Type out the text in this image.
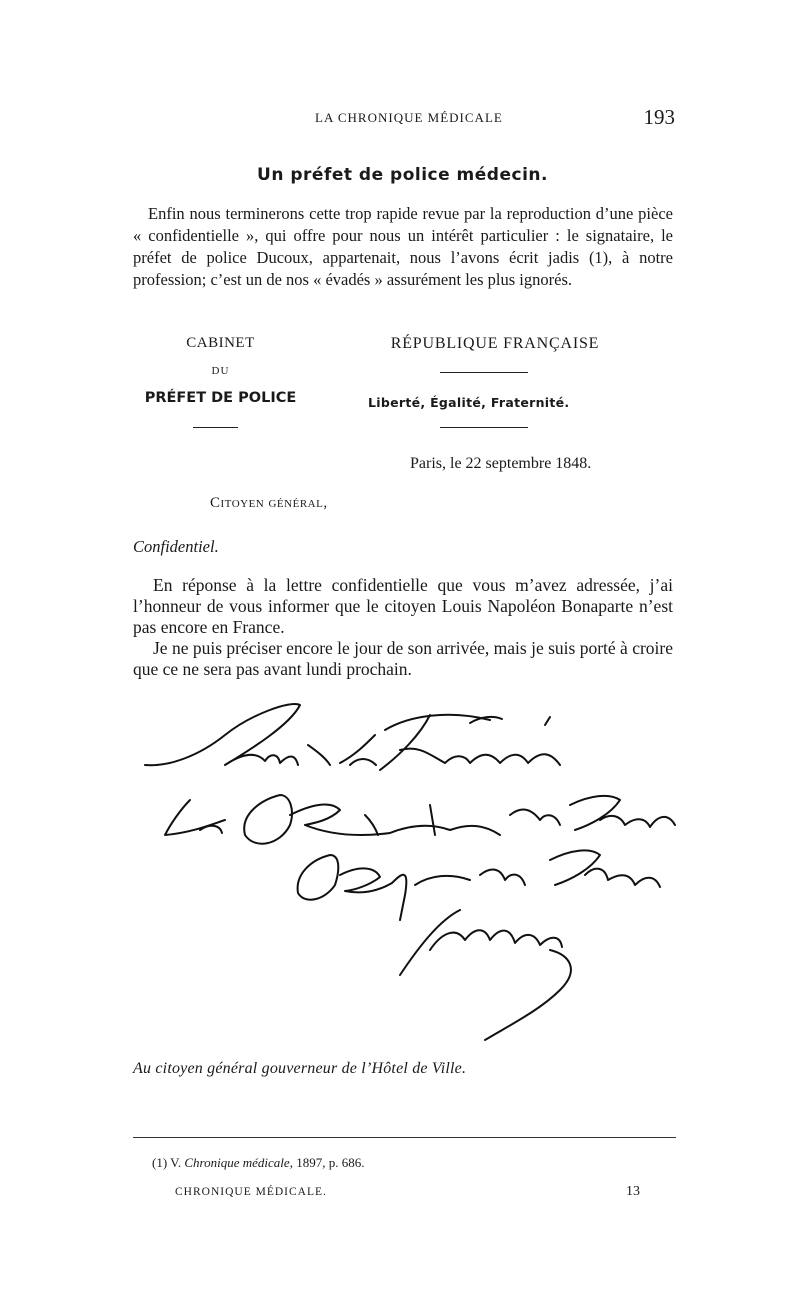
LA CHRONIQUE MÉDICALE	193
Un préfet de police médecin.

Enfin nous terminerons cette trop rapide revue par la reproduction d’une pièce « confidentielle », qui offre pour nous un intérêt particulier : le signataire, le préfet de police Ducoux, appartenait, nous l’avons écrit jadis (1), à notre profession; c’est un de nos « évadés » assurément les plus ignorés.

CABINET
DU
PRÉFET DE POLICE
RÉPUBLIQUE FRANÇAISE
Liberté, Égalité, Fraternité.
Paris, le 22 septembre 1848.
Citoyen général,
Confidentiel.

En réponse à la lettre confidentielle que vous m’avez adressée, j’ai l’honneur de vous informer que le citoyen Louis Napoléon Bonaparte n’est pas encore en France.

Je ne puis préciser encore le jour de son arrivée, mais je suis porté à croire que ce ne sera pas avant lundi prochain.

Au citoyen général gouverneur de l’Hôtel de Ville.
(1) V. Chronique médicale, 1897, p. 686.
CHRONIQUE MÉDICALE.	13
